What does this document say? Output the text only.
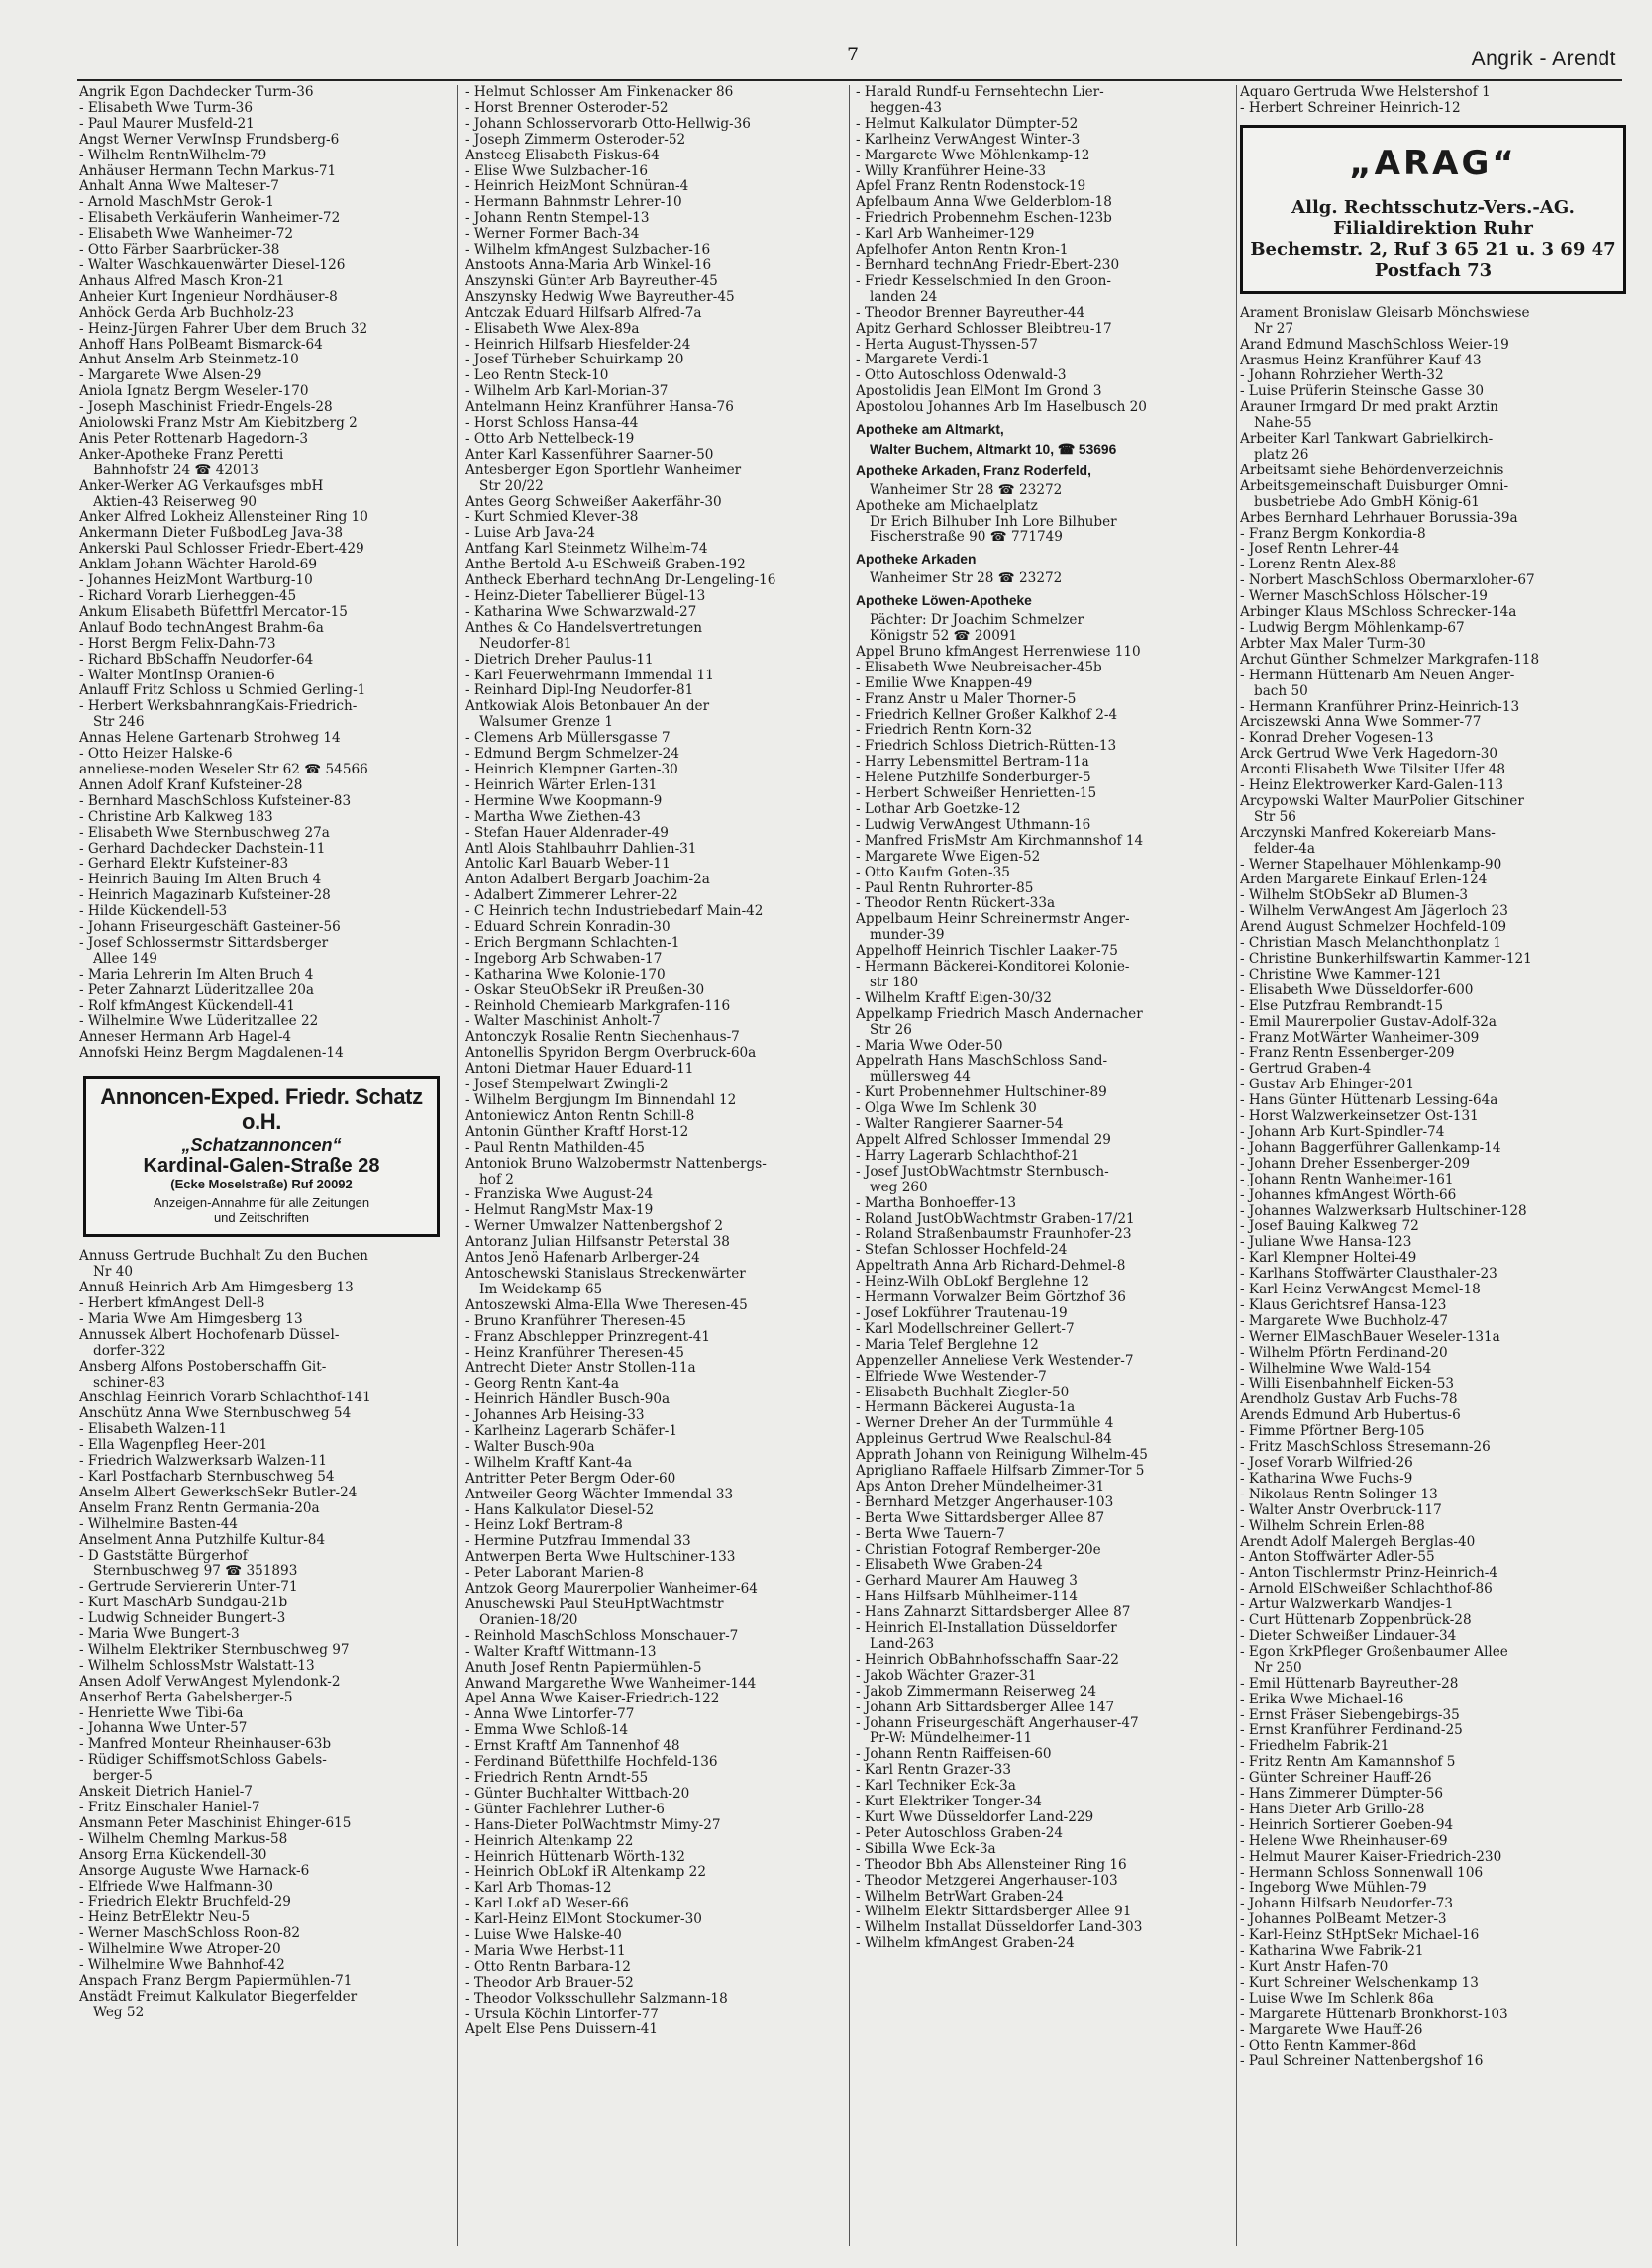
7	Angrik - Arendt
Angrik Egon Dachdecker Turm-36
- Elisabeth Wwe Turm-36
- Paul Maurer Musfeld-21
Angst Werner VerwInsp Frundsberg-6
- Wilhelm RentnWilhelm-79
Anhäuser Hermann Techn Markus-71
Anhalt Anna Wwe Malteser-7
- Arnold MaschMstr Gerok-1
- Elisabeth Verkäuferin Wanheimer-72
- Elisabeth Wwe Wanheimer-72
- Otto Färber Saarbrücker-38
- Walter Waschkauenwärter Diesel-126
Anhaus Alfred Masch Kron-21
Anheier Kurt Ingenieur Nordhäuser-8
Anhöck Gerda Arb Buchholz-23
- Heinz-Jürgen Fahrer Über dem Bruch 32
Anhoff Hans PolBeamt Bismarck-64
Anhut Anselm Arb Steinmetz-10
- Margarete Wwe Alsen-29
Aniola Ignatz Bergm Weseler-170
- Joseph Maschinist Friedr-Engels-28
Aniolowski Franz Mstr Am Kiebitzberg 2
Anis Peter Rottenarb Hagedorn-3
Anker-Apotheke Franz Peretti
Bahnhofstr 24 ☎ 42013
Anker-Werker AG Verkaufsges mbH
Aktien-43 Reiserweg 90
Anker Alfred Lokheiz Allensteiner Ring 10
Ankermann Dieter FußbodLeg Java-38
Ankerski Paul Schlosser Friedr-Ebert-429
Anklam Johann Wächter Harold-69
- Johannes HeizMont Wartburg-10
- Richard Vorarb Lierheggen-45
Ankum Elisabeth Büfettfrl Mercator-15
Anlauf Bodo technAngest Brahm-6a
- Horst Bergm Felix-Dahn-73
- Richard BbSchaffn Neudorfer-64
- Walter MontInsp Oranien-6
Anlauff Fritz Schloss u Schmied Gerling-1
- Herbert WerksbahnrangKais-Friedrich-
Str 246
Annas Helene Gartenarb Strohweg 14
- Otto Heizer Halske-6
anneliese-moden Weseler Str 62 ☎ 54566
Annen Adolf Kranf Kufsteiner-28
- Bernhard MaschSchloss Kufsteiner-83
- Christine Arb Kalkweg 183
- Elisabeth Wwe Sternbuschweg 27a
- Gerhard Dachdecker Dachstein-11
- Gerhard Elektr Kufsteiner-83
- Heinrich Bauing Im Alten Bruch 4
- Heinrich Magazinarb Kufsteiner-28
- Hilde Kückendell-53
- Johann Friseurgeschäft Gasteiner-56
- Josef Schlossermstr Sittardsberger
Allee 149
- Maria Lehrerin Im Alten Bruch 4
- Peter Zahnarzt Lüderitzallee 20a
- Rolf kfmAngest Kückendell-41
- Wilhelmine Wwe Lüderitzallee 22
Anneser Hermann Arb Hagel-4
Annofski Heinz Bergm Magdalenen-14
Annoncen-Exped. Friedr. Schatz o.H.
„Schatzannoncen“
Kardinal-Galen-Straße 28
(Ecke Moselstraße) Ruf 20092
Anzeigen-Annahme für alle Zeitungen
und Zeitschriften
Annuss Gertrude Buchhalt Zu den Buchen
Nr 40
Annuß Heinrich Arb Am Himgesberg 13
- Herbert kfmAngest Dell-8
- Maria Wwe Am Himgesberg 13
Annussek Albert Hochofenarb Düssel-
dorfer-322
Ansberg Alfons Postoberschaffn Git-
schiner-83
Anschlag Heinrich Vorarb Schlachthof-141
Anschütz Anna Wwe Sternbuschweg 54
- Elisabeth Walzen-11
- Ella Wagenpfleg Heer-201
- Friedrich Walzwerksarb Walzen-11
- Karl Postfacharb Sternbuschweg 54
Anselm Albert GewerkschSekr Butler-24
Anselm Franz Rentn Germania-20a
- Wilhelmine Basten-44
Anselment Anna Putzhilfe Kultur-84
- D Gaststätte Bürgerhof
Sternbuschweg 97 ☎ 351893
- Gertrude Serviererin Unter-71
- Kurt MaschArb Sundgau-21b
- Ludwig Schneider Bungert-3
- Maria Wwe Bungert-3
- Wilhelm Elektriker Sternbuschweg 97
- Wilhelm SchlossMstr Walstatt-13
Ansen Adolf VerwAngest Mylendonk-2
Anserhof Berta Gabelsberger-5
- Henriette Wwe Tibi-6a
- Johanna Wwe Unter-57
- Manfred Monteur Rheinhauser-63b
- Rüdiger SchiffsmotSchloss Gabels-
berger-5
Anskeit Dietrich Haniel-7
- Fritz Einschaler Haniel-7
Ansmann Peter Maschinist Ehinger-615
- Wilhelm Chemlng Markus-58
Ansorg Erna Kückendell-30
Ansorge Auguste Wwe Harnack-6
- Elfriede Wwe Halfmann-30
- Friedrich Elektr Bruchfeld-29
- Heinz BetrElektr Neu-5
- Werner MaschSchloss Roon-82
- Wilhelmine Wwe Atroper-20
- Wilhelmine Wwe Bahnhof-42
Anspach Franz Bergm Papiermühlen-71
Anstädt Freimut Kalkulator Biegerfelder
Weg 52
- Helmut Schlosser Am Finkenacker 86
- Horst Brenner Osteroder-52
- Johann Schlosservorarb Otto-Hellwig-36
- Joseph Zimmerm Osteroder-52
Ansteeg Elisabeth Fiskus-64
- Elise Wwe Sulzbacher-16
- Heinrich HeizMont Schnüran-4
- Hermann Bahnmstr Lehrer-10
- Johann Rentn Stempel-13
- Werner Former Bach-34
- Wilhelm kfmAngest Sulzbacher-16
Anstoots Anna-Maria Arb Winkel-16
Anszynski Günter Arb Bayreuther-45
Anszynsky Hedwig Wwe Bayreuther-45
Antczak Eduard Hilfsarb Alfred-7a
- Elisabeth Wwe Alex-89a
- Heinrich Hilfsarb Hiesfelder-24
- Josef Türheber Schuirkamp 20
- Leo Rentn Steck-10
- Wilhelm Arb Karl-Morian-37
Antelmann Heinz Kranführer Hansa-76
- Horst Schloss Hansa-44
- Otto Arb Nettelbeck-19
Anter Karl Kassenführer Saarner-50
Antesberger Egon Sportlehr Wanheimer
Str 20/22
Antes Georg Schweißer Aakerfähr-30
- Kurt Schmied Klever-38
- Luise Arb Java-24
Antfang Karl Steinmetz Wilhelm-74
Anthe Bertold A-u ESchweiß Graben-192
Antheck Eberhard technAng Dr-Lengeling-16
- Heinz-Dieter Tabellierer Bügel-13
- Katharina Wwe Schwarzwald-27
Anthes & Co Handelsvertretungen
Neudorfer-81
- Dietrich Dreher Paulus-11
- Karl Feuerwehrmann Immendal 11
- Reinhard Dipl-Ing Neudorfer-81
Antkowiak Alois Betonbauer An der
Walsumer Grenze 1
- Clemens Arb Müllersgasse 7
- Edmund Bergm Schmelzer-24
- Heinrich Klempner Garten-30
- Heinrich Wärter Erlen-131
- Hermine Wwe Koopmann-9
- Martha Wwe Ziethen-43
- Stefan Hauer Aldenrader-49
Antl Alois Stahlbauhrr Dahlien-31
Antolic Karl Bauarb Weber-11
Anton Adalbert Bergarb Joachim-2a
- Adalbert Zimmerer Lehrer-22
- C Heinrich techn Industriebedarf Main-42
- Eduard Schrein Konradin-30
- Erich Bergmann Schlachten-1
- Ingeborg Arb Schwaben-17
- Katharina Wwe Kolonie-170
- Oskar SteuObSekr iR Preußen-30
- Reinhold Chemiearb Markgrafen-116
- Walter Maschinist Anholt-7
Antonczyk Rosalie Rentn Siechenhaus-7
Antonellis Spyridon Bergm Overbruck-60a
Antoni Dietmar Hauer Eduard-11
- Josef Stempelwart Zwingli-2
- Wilhelm Bergjungm Im Binnendahl 12
Antoniewicz Anton Rentn Schill-8
Antonin Günther Kraftf Horst-12
- Paul Rentn Mathilden-45
Antoniok Bruno Walzobermstr Nattenbergs-
hof 2
- Franziska Wwe August-24
- Helmut RangMstr Max-19
- Werner Umwalzer Nattenbergshof 2
Antoranz Julian Hilfsanstr Peterstal 38
Antos Jenö Hafenarb Arlberger-24
Antoschewski Stanislaus Streckenwärter
Im Weidekamp 65
Antoszewski Alma-Ella Wwe Theresen-45
- Bruno Kranführer Theresen-45
- Franz Abschlepper Prinzregent-41
- Heinz Kranführer Theresen-45
Antrecht Dieter Anstr Stollen-11a
- Georg Rentn Kant-4a
- Heinrich Händler Busch-90a
- Johannes Arb Heising-33
- Karlheinz Lagerarb Schäfer-1
- Walter Busch-90a
- Wilhelm Kraftf Kant-4a
Antritter Peter Bergm Oder-60
Antweiler Georg Wächter Immendal 33
- Hans Kalkulator Diesel-52
- Heinz Lokf Bertram-8
- Hermine Putzfrau Immendal 33
Antwerpen Berta Wwe Hultschiner-133
- Peter Laborant Marien-8
Antzok Georg Maurerpolier Wanheimer-64
Anuschewski Paul SteuHptWachtmstr
Oranien-18/20
- Reinhold MaschSchloss Monschauer-7
- Walter Kraftf Wittmann-13
Anuth Josef Rentn Papiermühlen-5
Anwand Margarethe Wwe Wanheimer-144
Apel Anna Wwe Kaiser-Friedrich-122
- Anna Wwe Lintorfer-77
- Emma Wwe Schloß-14
- Ernst Kraftf Am Tannenhof 48
- Ferdinand Büfetthilfe Hochfeld-136
- Friedrich Rentn Arndt-55
- Günter Buchhalter Wittbach-20
- Günter Fachlehrer Luther-6
- Hans-Dieter PolWachtmstr Mimy-27
- Heinrich Altenkamp 22
- Heinrich Hüttenarb Wörth-132
- Heinrich ObLokf iR Altenkamp 22
- Karl Arb Thomas-12
- Karl Lokf aD Weser-66
- Karl-Heinz ElMont Stockumer-30
- Luise Wwe Halske-40
- Maria Wwe Herbst-11
- Otto Rentn Barbara-12
- Theodor Arb Brauer-52
- Theodor Volksschullehr Salzmann-18
- Ursula Köchin Lintorfer-77
Apelt Else Pens Duissern-41
- Harald Rundf-u Fernsehtechn Lier-
heggen-43
- Helmut Kalkulator Dümpter-52
- Karlheinz VerwAngest Winter-3
- Margarete Wwe Möhlenkamp-12
- Willy Kranführer Heine-33
Apfel Franz Rentn Rodenstock-19
Apfelbaum Anna Wwe Gelderblom-18
- Friedrich Probennehm Eschen-123b
- Karl Arb Wanheimer-129
Apfelhofer Anton Rentn Kron-1
- Bernhard technAng Friedr-Ebert-230
- Friedr Kesselschmied In den Groon-
landen 24
- Theodor Brenner Bayreuther-44
Apitz Gerhard Schlosser Bleibtreu-17
- Herta August-Thyssen-57
- Margarete Verdi-1
- Otto Autoschloss Odenwald-3
Apostolidis Jean ElMont Im Grond 3
Apostolou Johannes Arb Im Haselbusch 20
Apotheke am Altmarkt,
Walter Buchem, Altmarkt 10, ☎ 53696
Apotheke Arkaden, Franz Roderfeld,
Wanheimer Str 28 ☎ 23272
Apotheke am Michaelplatz
Dr Erich Bilhuber Inh Lore Bilhuber
Fischerstraße 90 ☎ 771749
Apotheke Arkaden
Wanheimer Str 28 ☎ 23272
Apotheke Löwen-Apotheke
Pächter: Dr Joachim Schmelzer
Königstr 52 ☎ 20091
Appel Bruno kfmAngest Herrenwiese 110
- Elisabeth Wwe Neubreisacher-45b
- Emilie Wwe Knappen-49
- Franz Anstr u Maler Thorner-5
- Friedrich Kellner Großer Kalkhof 2-4
- Friedrich Rentn Korn-32
- Friedrich Schloss Dietrich-Rütten-13
- Harry Lebensmittel Bertram-11a
- Helene Putzhilfe Sonderburger-5
- Herbert Schweißer Henrietten-15
- Lothar Arb Goetzke-12
- Ludwig VerwAngest Uthmann-16
- Manfred FrisMstr Am Kirchmannshof 14
- Margarete Wwe Eigen-52
- Otto Kaufm Goten-35
- Paul Rentn Ruhrorter-85
- Theodor Rentn Rückert-33a
Appelbaum Heinr Schreinermstr Anger-
munder-39
Appelhoff Heinrich Tischler Laaker-75
- Hermann Bäckerei-Konditorei Kolonie-
str 180
- Wilhelm Kraftf Eigen-30/32
Appelkamp Friedrich Masch Andernacher
Str 26
- Maria Wwe Oder-50
Appelrath Hans MaschSchloss Sand-
müllersweg 44
- Kurt Probennehmer Hultschiner-89
- Olga Wwe Im Schlenk 30
- Walter Rangierer Saarner-54
Appelt Alfred Schlosser Immendal 29
- Harry Lagerarb Schlachthof-21
- Josef JustObWachtmstr Sternbusch-
weg 260
- Martha Bonhoeffer-13
- Roland JustObWachtmstr Graben-17/21
- Roland Straßenbaumstr Fraunhofer-23
- Stefan Schlosser Hochfeld-24
Appeltrath Anna Arb Richard-Dehmel-8
- Heinz-Wilh ObLokf Berglehne 12
- Hermann Vorwalzer Beim Görtzhof 36
- Josef Lokführer Trautenau-19
- Karl Modellschreiner Gellert-7
- Maria Telef Berglehne 12
Appenzeller Anneliese Verk Westender-7
- Elfriede Wwe Westender-7
- Elisabeth Buchhalt Ziegler-50
- Hermann Bäckerei Augusta-1a
- Werner Dreher An der Turmmühle 4
Appleinus Gertrud Wwe Realschul-84
Apprath Johann von Reinigung Wilhelm-45
Aprigliano Raffaele Hilfsarb Zimmer-Tor 5
Aps Anton Dreher Mündelheimer-31
- Bernhard Metzger Angerhauser-103
- Berta Wwe Sittardsberger Allee 87
- Berta Wwe Tauern-7
- Christian Fotograf Remberger-20e
- Elisabeth Wwe Graben-24
- Gerhard Maurer Am Hauweg 3
- Hans Hilfsarb Mühlheimer-114
- Hans Zahnarzt Sittardsberger Allee 87
- Heinrich El-Installation Düsseldorfer
Land-263
- Heinrich ObBahnhofsschaffn Saar-22
- Jakob Wächter Grazer-31
- Jakob Zimmermann Reiserweg 24
- Johann Arb Sittardsberger Allee 147
- Johann Friseurgeschäft Angerhauser-47
Pr-W: Mündelheimer-11
- Johann Rentn Raiffeisen-60
- Karl Rentn Grazer-33
- Karl Techniker Eck-3a
- Kurt Elektriker Tonger-34
- Kurt Wwe Düsseldorfer Land-229
- Peter Autoschloss Graben-24
- Sibilla Wwe Eck-3a
- Theodor Bbh Abs Allensteiner Ring 16
- Theodor Metzgerei Angerhauser-103
- Wilhelm BetrWart Graben-24
- Wilhelm Elektr Sittardsberger Allee 91
- Wilhelm Installat Düsseldorfer Land-303
- Wilhelm kfmAngest Graben-24
Aquaro Gertruda Wwe Helstershof 1
- Herbert Schreiner Heinrich-12
„ARAG“
Allg. Rechtsschutz-Vers.-AG.
Filialdirektion Ruhr
Bechemstr. 2, Ruf 3 65 21 u. 3 69 47
Postfach 73
Arament Bronislaw Gleisarb Mönchswiese
Nr 27
Arand Edmund MaschSchloss Weier-19
Arasmus Heinz Kranführer Kauf-43
- Johann Rohrzieher Werth-32
- Luise Prüferin Steinsche Gasse 30
Arauner Irmgard Dr med prakt Ärztin
Nahe-55
Arbeiter Karl Tankwart Gabrielkirch-
platz 26
Arbeitsamt siehe Behördenverzeichnis
Arbeitsgemeinschaft Duisburger Omni-
busbetriebe Ado GmbH König-61
Arbes Bernhard Lehrhauer Borussia-39a
- Franz Bergm Konkordia-8
- Josef Rentn Lehrer-44
- Lorenz Rentn Alex-88
- Norbert MaschSchloss Obermarxloher-67
- Werner MaschSchloss Hölscher-19
Arbinger Klaus MSchloss Schrecker-14a
- Ludwig Bergm Möhlenkamp-67
Arbter Max Maler Turm-30
Archut Günther Schmelzer Markgrafen-118
- Hermann Hüttenarb Am Neuen Anger-
bach 50
- Hermann Kranführer Prinz-Heinrich-13
Arciszewski Anna Wwe Sommer-77
- Konrad Dreher Vogesen-13
Arck Gertrud Wwe Verk Hagedorn-30
Arconti Elisabeth Wwe Tilsiter Ufer 48
- Heinz Elektrowerker Kard-Galen-113
Arcypowski Walter MaurPolier Gitschiner
Str 56
Arczynski Manfred Kokereiarb Mans-
felder-4a
- Werner Stapelhauer Möhlenkamp-90
Arden Margarete Einkauf Erlen-124
- Wilhelm StObSekr aD Blumen-3
- Wilhelm VerwAngest Am Jägerloch 23
Arend August Schmelzer Hochfeld-109
- Christian Masch Melanchthonplatz 1
- Christine Bunkerhilfswartin Kammer-121
- Christine Wwe Kammer-121
- Elisabeth Wwe Düsseldorfer-600
- Else Putzfrau Rembrandt-15
- Emil Maurerpolier Gustav-Adolf-32a
- Franz MotWärter Wanheimer-309
- Franz Rentn Essenberger-209
- Gertrud Graben-4
- Gustav Arb Ehinger-201
- Hans Günter Hüttenarb Lessing-64a
- Horst Walzwerkeinsetzer Ost-131
- Johann Arb Kurt-Spindler-74
- Johann Baggerführer Gallenkamp-14
- Johann Dreher Essenberger-209
- Johann Rentn Wanheimer-161
- Johannes kfmAngest Wörth-66
- Johannes Walzwerksarb Hultschiner-128
- Josef Bauing Kalkweg 72
- Juliane Wwe Hansa-123
- Karl Klempner Holtei-49
- Karlhans Stoffwärter Clausthaler-23
- Karl Heinz VerwAngest Memel-18
- Klaus Gerichtsref Hansa-123
- Margarete Wwe Buchholz-47
- Werner ElMaschBauer Weseler-131a
- Wilhelm Pförtn Ferdinand-20
- Wilhelmine Wwe Wald-154
- Willi Eisenbahnhelf Eicken-53
Arendholz Gustav Arb Fuchs-78
Arends Edmund Arb Hubertus-6
- Fimme Pförtner Berg-105
- Fritz MaschSchloss Stresemann-26
- Josef Vorarb Wilfried-26
- Katharina Wwe Fuchs-9
- Nikolaus Rentn Solinger-13
- Walter Anstr Overbruck-117
- Wilhelm Schrein Erlen-88
Arendt Adolf Malergeh Berglas-40
- Anton Stoffwärter Adler-55
- Anton Tischlermstr Prinz-Heinrich-4
- Arnold ElSchweißer Schlachthof-86
- Artur Walzwerkarb Wandjes-1
- Curt Hüttenarb Zoppenbrück-28
- Dieter Schweißer Lindauer-34
- Egon KrkPfleger Großenbaumer Allee
Nr 250
- Emil Hüttenarb Bayreuther-28
- Erika Wwe Michael-16
- Ernst Fräser Siebengebirgs-35
- Ernst Kranführer Ferdinand-25
- Friedhelm Fabrik-21
- Fritz Rentn Am Kamannshof 5
- Günter Schreiner Hauff-26
- Hans Zimmerer Dümpter-56
- Hans Dieter Arb Grillo-28
- Heinrich Sortierer Goeben-94
- Helene Wwe Rheinhauser-69
- Helmut Maurer Kaiser-Friedrich-230
- Hermann Schloss Sonnenwall 106
- Ingeborg Wwe Mühlen-79
- Johann Hilfsarb Neudorfer-73
- Johannes PolBeamt Metzer-3
- Karl-Heinz StHptSekr Michael-16
- Katharina Wwe Fabrik-21
- Kurt Anstr Hafen-70
- Kurt Schreiner Welschenkamp 13
- Luise Wwe Im Schlenk 86a
- Margarete Hüttenarb Bronkhorst-103
- Margarete Wwe Hauff-26
- Otto Rentn Kammer-86d
- Paul Schreiner Nattenbergshof 16
